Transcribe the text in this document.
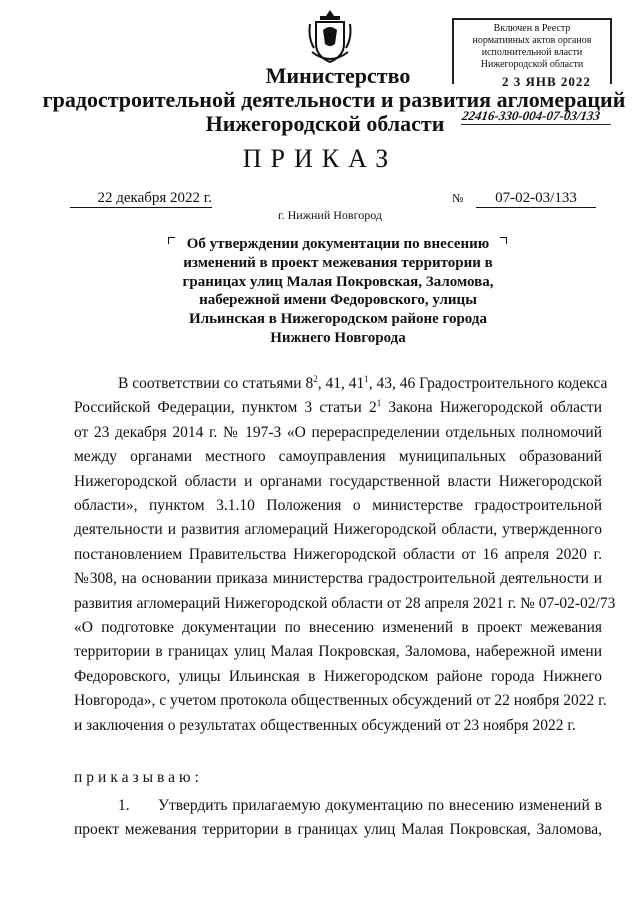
Включен в Реестр
нормативных актов органов
исполнительной власти
Нижегородской области
2 3 ЯНВ 2022
22416-330-004-07-03/133
Министерство
градостроительной деятельности и развития агломераций
Нижегородской области
ПРИКАЗ
22 декабря 2022 г.	№	07-02-03/133
г. Нижний Новгород
Об утверждении документации по внесению
изменений в проект межевания территории в
границах улиц Малая Покровская, Заломова,
набережной имени Федоровского, улицы
Ильинская в Нижегородском районе города
Нижнего Новгорода
В соответствии со статьями $8^2$, 41, $41^1$, 43, 46 Градостроительного кодекса
Российской Федерации, пунктом 3 статьи $2^1$ Закона Нижегородской области
от 23 декабря 2014 г. № 197-З «О перераспределении отдельных полномочий
между органами местного самоуправления муниципальных образований
Нижегородской области и органами государственной власти Нижегородской
области», пунктом 3.1.10 Положения о министерстве градостроительной
деятельности и развития агломераций Нижегородской области, утвержденного
постановлением Правительства Нижегородской области от 16 апреля 2020 г.
№308, на основании приказа министерства градостроительной деятельности и
развития агломераций Нижегородской области от 28 апреля 2021 г. № 07-02-02/73
«О подготовке документации по внесению изменений в проект межевания
территории в границах улиц Малая Покровская, Заломова, набережной имени
Федоровского, улицы Ильинская в Нижегородском районе города Нижнего
Новгорода», с учетом протокола общественных обсуждений от 22 ноября 2022 г.
и заключения о результатах общественных обсуждений от 23 ноября 2022 г.
приказываю:
1. Утвердить прилагаемую документацию по внесению изменений в
проект межевания территории в границах улиц Малая Покровская, Заломова,
